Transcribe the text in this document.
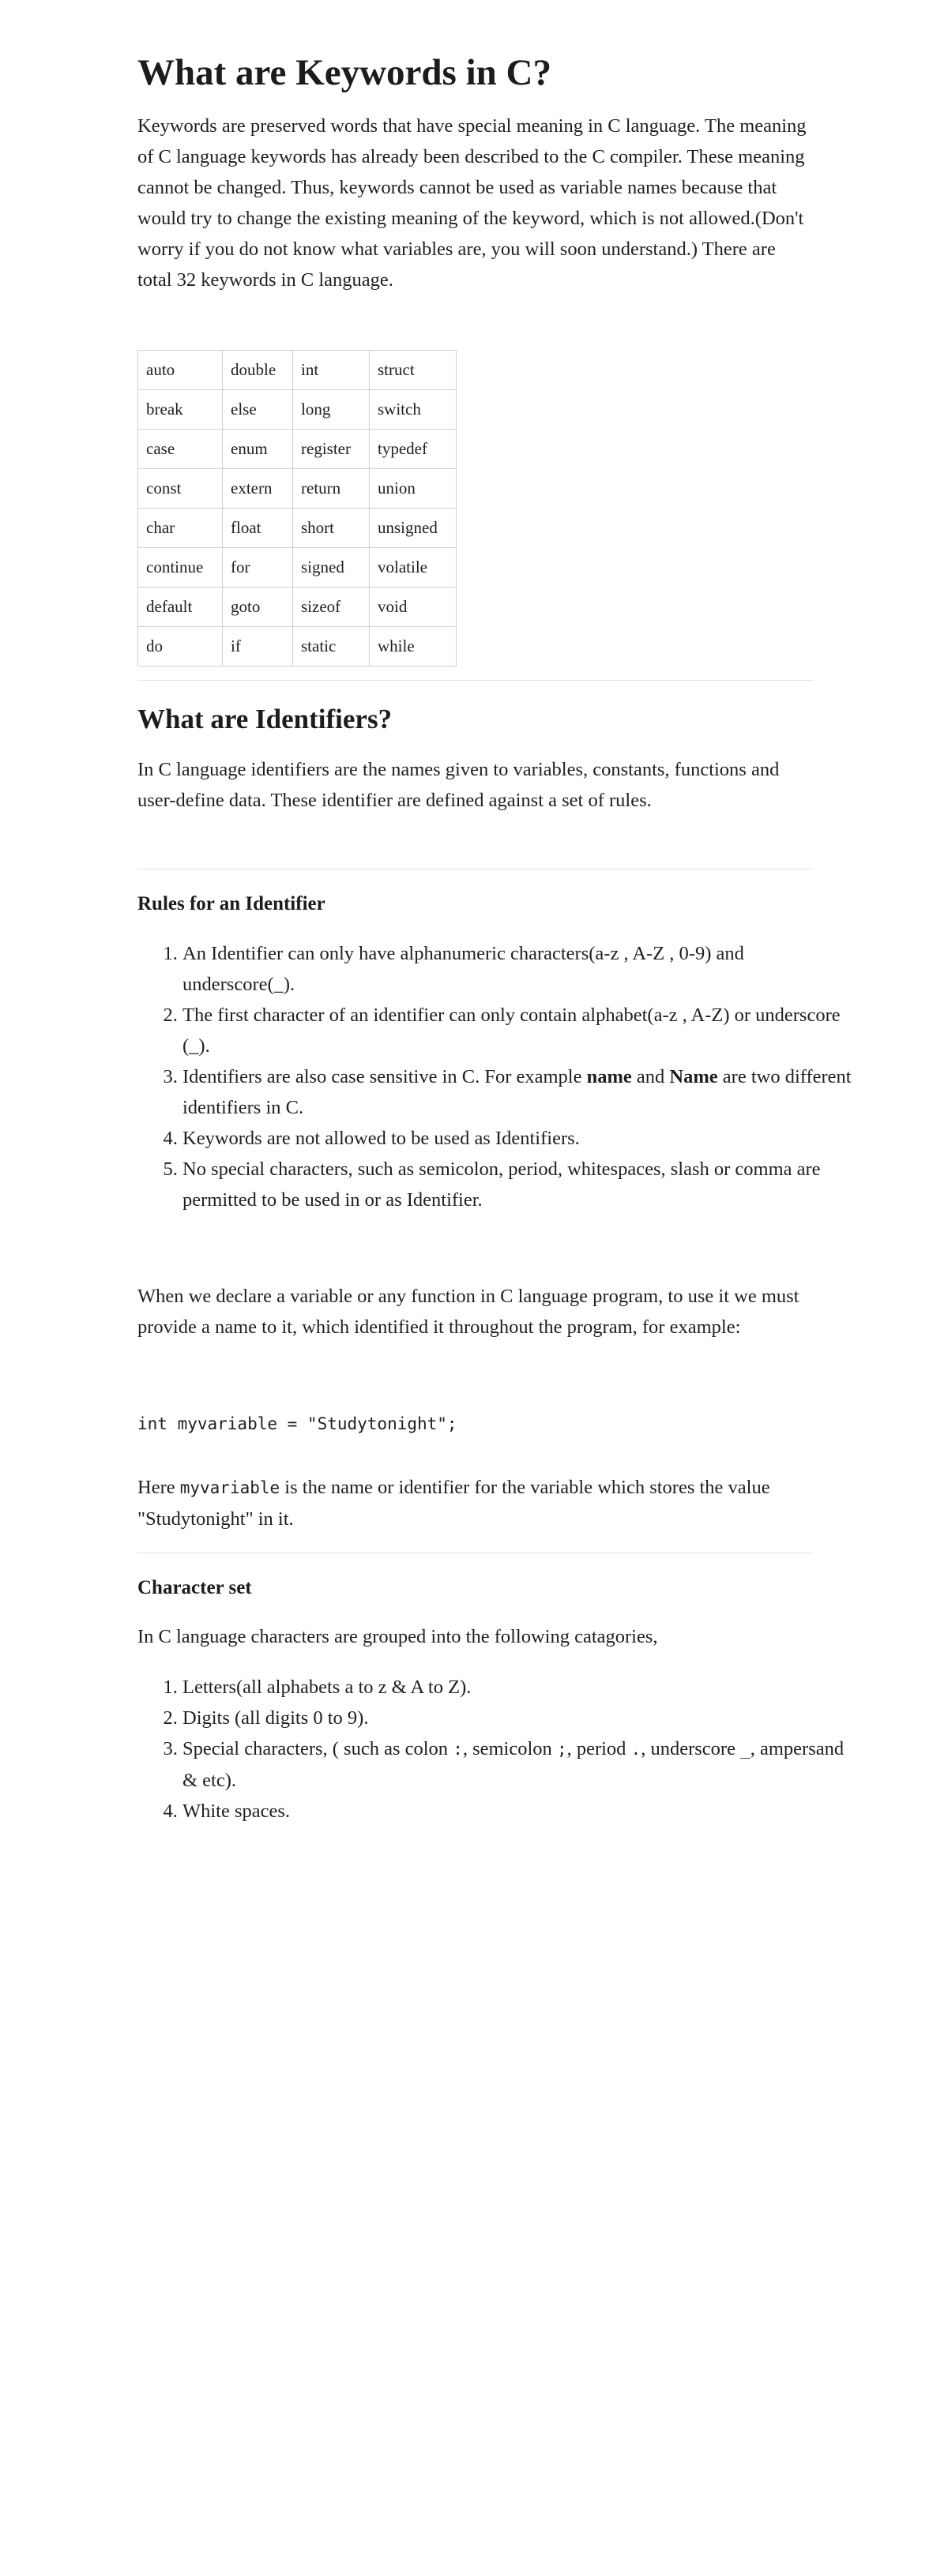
What are Keywords in C?

Keywords are preserved words that have special meaning in C language. The meaning of C language keywords has already been described to the C compiler. These meaning cannot be changed. Thus, keywords cannot be used as variable names because that would try to change the existing meaning of the keyword, which is not allowed.(Don't worry if you do not know what variables are, you will soon understand.) There are total 32 keywords in C language.

auto	double	int	struct
break	else	long	switch
case	enum	register	typedef
const	extern	return	union
char	float	short	unsigned
continue	for	signed	volatile
default	goto	sizeof	void
do	if	static	while
What are Identifiers?

In C language identifiers are the names given to variables, constants, functions and user-define data. These identifier are defined against a set of rules.

Rules for an Identifier
1. An Identifier can only have alphanumeric characters(a-z , A-Z , 0-9) and underscore(_).
2. The first character of an identifier can only contain alphabet(a-z , A-Z) or underscore (_).
3. Identifiers are also case sensitive in C. For example name and Name are two different identifiers in C.
4. Keywords are not allowed to be used as Identifiers.
5. No special characters, such as semicolon, period, whitespaces, slash or comma are permitted to be used in or as Identifier.

When we declare a variable or any function in C language program, to use it we must provide a name to it, which identified it throughout the program, for example:

int myvariable = "Studytonight";

Here myvariable is the name or identifier for the variable which stores the value "Studytonight" in it.

Character set

In C language characters are grouped into the following catagories,

1. Letters(all alphabets a to z & A to Z).
2. Digits (all digits 0 to 9).
3. Special characters, ( such as colon :, semicolon ;, period ., underscore _, ampersand & etc).
4. White spaces.
